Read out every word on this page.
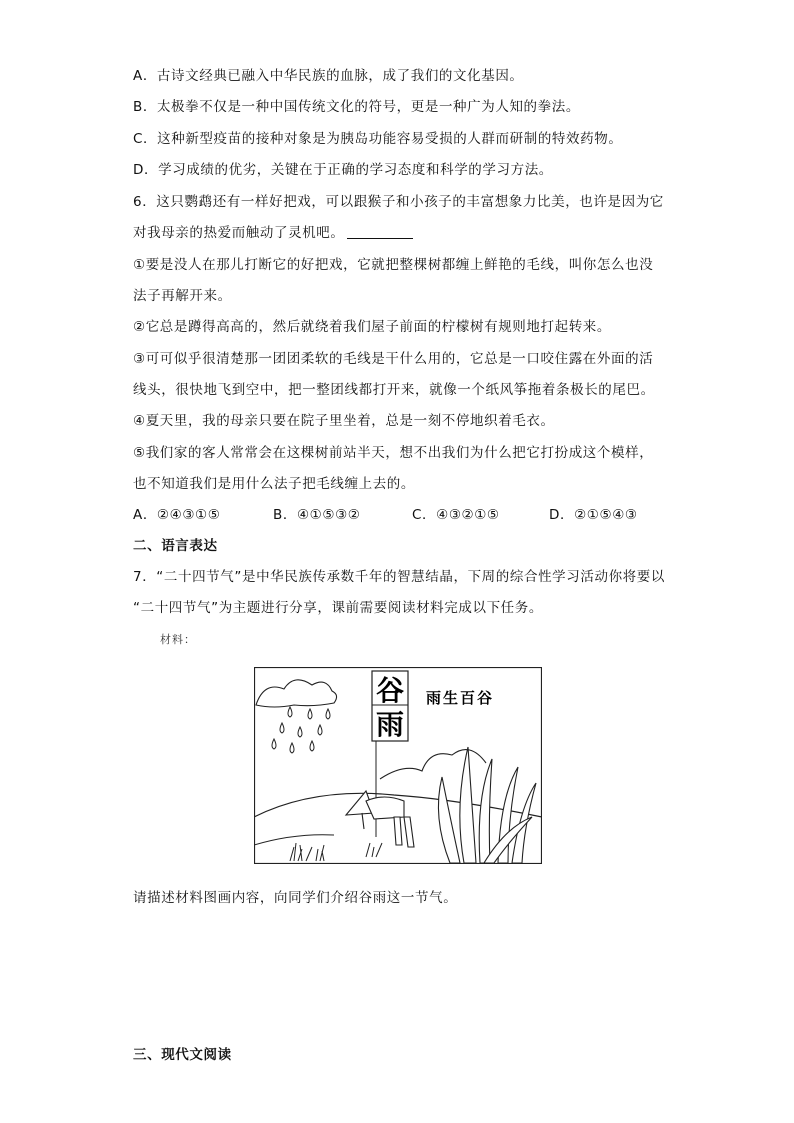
A．古诗文经典已融入中华民族的血脉，成了我们的文化基因。
B．太极拳不仅是一种中国传统文化的符号，更是一种广为人知的拳法。
C．这种新型疫苗的接种对象是为胰岛功能容易受损的人群而研制的特效药物。
D．学习成绩的优劣，关键在于正确的学习态度和科学的学习方法。
6．这只鹦鹉还有一样好把戏，可以跟猴子和小孩子的丰富想象力比美，也许是因为它
对我母亲的热爱而触动了灵机吧。
①要是没人在那儿打断它的好把戏，它就把整棵树都缠上鲜艳的毛线，叫你怎么也没
法子再解开来。
②它总是蹲得高高的，然后就绕着我们屋子前面的柠檬树有规则地打起转来。
③可可似乎很清楚那一团团柔软的毛线是干什么用的，它总是一口咬住露在外面的活
线头，很快地飞到空中，把一整团线都打开来，就像一个纸风筝拖着条极长的尾巴。
④夏天里，我的母亲只要在院子里坐着，总是一刻不停地织着毛衣。
⑤我们家的客人常常会在这棵树前站半天，想不出我们为什么把它打扮成这个模样，
也不知道我们是用什么法子把毛线缠上去的。
A．②④③①⑤	B．④①⑤③②	C．④③②①⑤	D．②①⑤④③
二、语言表达
7．“二十四节气”是中华民族传承数千年的智慧结晶，下周的综合性学习活动你将要以
“二十四节气”为主题进行分享，课前需要阅读材料完成以下任务。
材料：
谷
雨
雨生百谷
请描述材料图画内容，向同学们介绍谷雨这一节气。
三、现代文阅读
